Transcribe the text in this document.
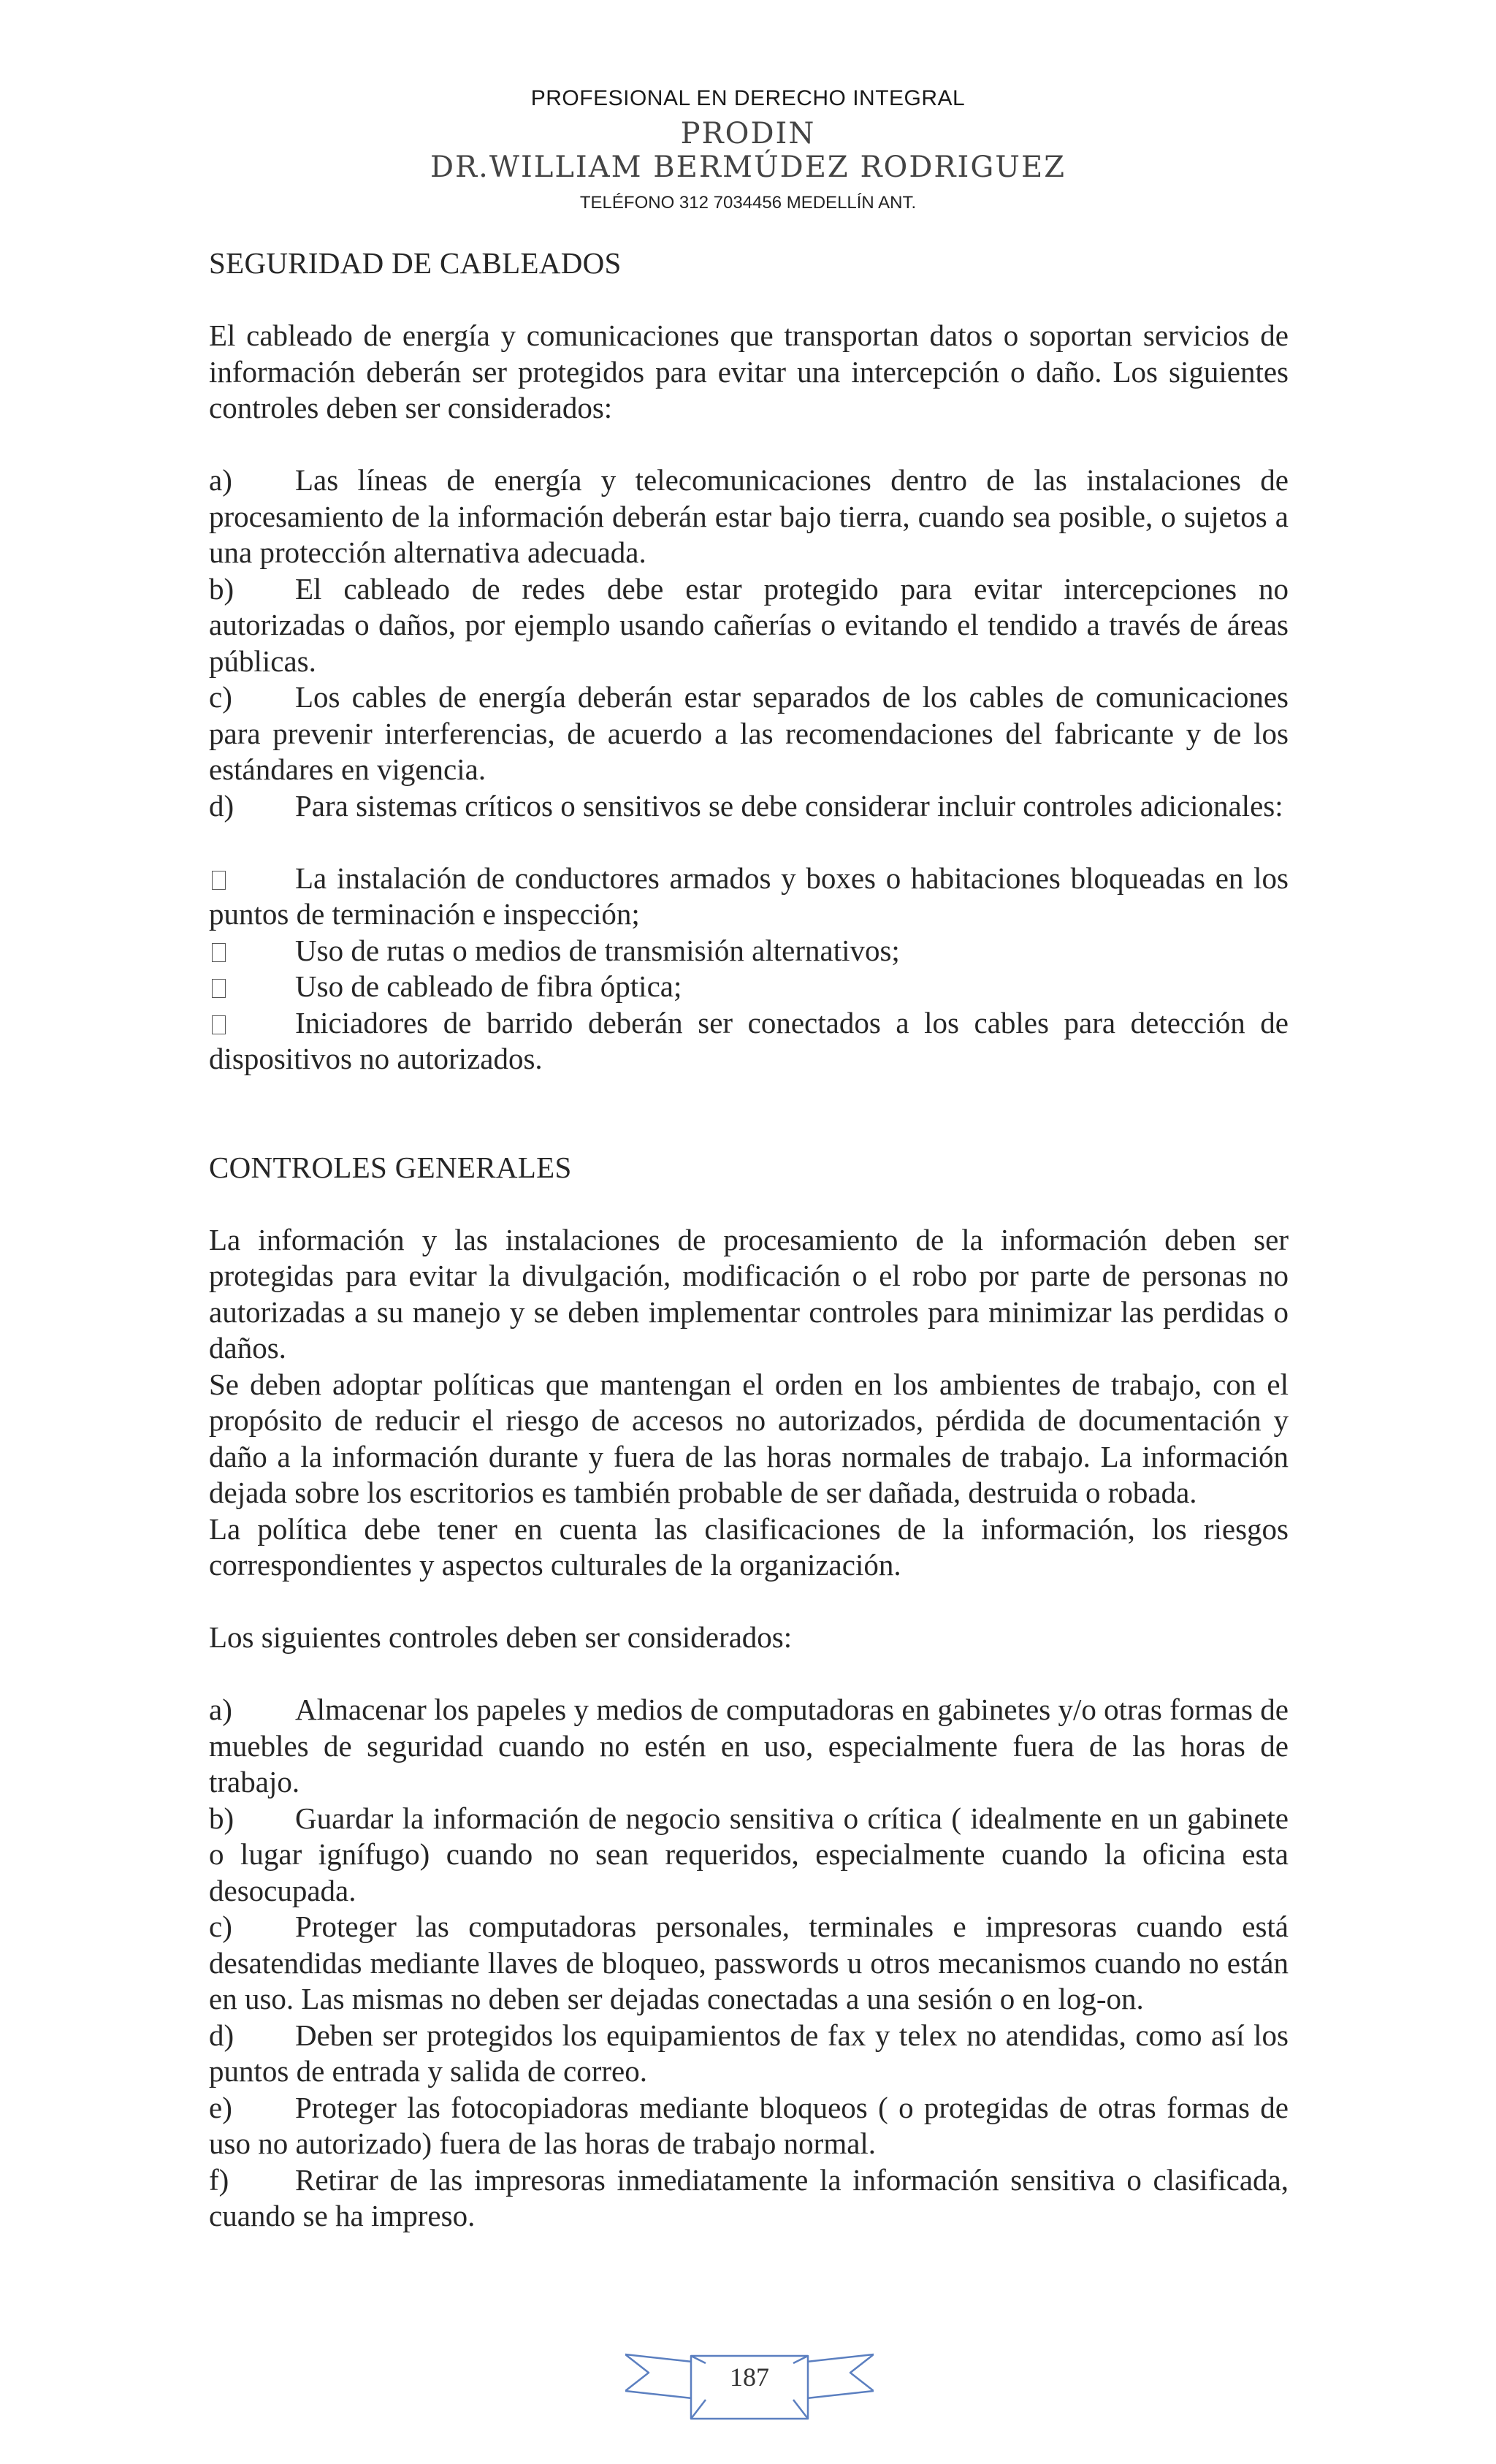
PROFESIONAL EN DERECHO INTEGRAL
PRODIN
DR.WILLIAM BERMÚDEZ RODRIGUEZ
TELÉFONO 312 7034456 MEDELLÍN ANT.

SEGURIDAD DE CABLEADOS

El cableado de energía y comunicaciones que transportan datos o soportan servicios de información deberán ser protegidos para evitar una intercepción o daño. Los siguientes controles deben ser considerados:

a) Las líneas de energía y telecomunicaciones dentro de las instalaciones de procesamiento de la información deberán estar bajo tierra, cuando sea posible, o sujetos a una protección alternativa adecuada.

b) El cableado de redes debe estar protegido para evitar intercepciones no autorizadas o daños, por ejemplo usando cañerías o evitando el tendido a través de áreas públicas.

c) Los cables de energía deberán estar separados de los cables de comunicaciones para prevenir interferencias, de acuerdo a las recomendaciones del fabricante y de los estándares en vigencia.

d) Para sistemas críticos o sensitivos se debe considerar incluir controles adicionales:

La instalación de conductores armados y boxes o habitaciones bloqueadas en los puntos de terminación e inspección;

Uso de rutas o medios de transmisión alternativos;

Uso de cableado de fibra óptica;

Iniciadores de barrido deberán ser conectados a los cables para detección de dispositivos no autorizados.

CONTROLES GENERALES

La información y las instalaciones de procesamiento de la información deben ser protegidas para evitar la divulgación, modificación o el robo por parte de personas no autorizadas a su manejo y se deben implementar controles para minimizar las perdidas o daños.

Se deben adoptar políticas que mantengan el orden en los ambientes de trabajo, con el propósito de reducir el riesgo de accesos no autorizados, pérdida de documentación y daño a la información durante y fuera de las horas normales de trabajo. La información dejada sobre los escritorios es también probable de ser dañada, destruida o robada.

La política debe tener en cuenta las clasificaciones de la información, los riesgos correspondientes y aspectos culturales de la organización.

Los siguientes controles deben ser considerados:

a) Almacenar los papeles y medios de computadoras en gabinetes y/o otras formas de muebles de seguridad cuando no estén en uso, especialmente fuera de las horas de trabajo.

b) Guardar la información de negocio sensitiva o crítica ( idealmente en un gabinete o lugar ignífugo) cuando no sean requeridos, especialmente cuando la oficina esta desocupada.

c) Proteger las computadoras personales, terminales e impresoras cuando está desatendidas mediante llaves de bloqueo, passwords u otros mecanismos cuando no están en uso. Las mismas no deben ser dejadas conectadas a una sesión o en log-on.

d) Deben ser protegidos los equipamientos de fax y telex no atendidas, como así los puntos de entrada y salida de correo.

e) Proteger las fotocopiadoras mediante bloqueos ( o protegidas de otras formas de uso no autorizado) fuera de las horas de trabajo normal.

f) Retirar de las impresoras inmediatamente la información sensitiva o clasificada, cuando se ha impreso.

187
